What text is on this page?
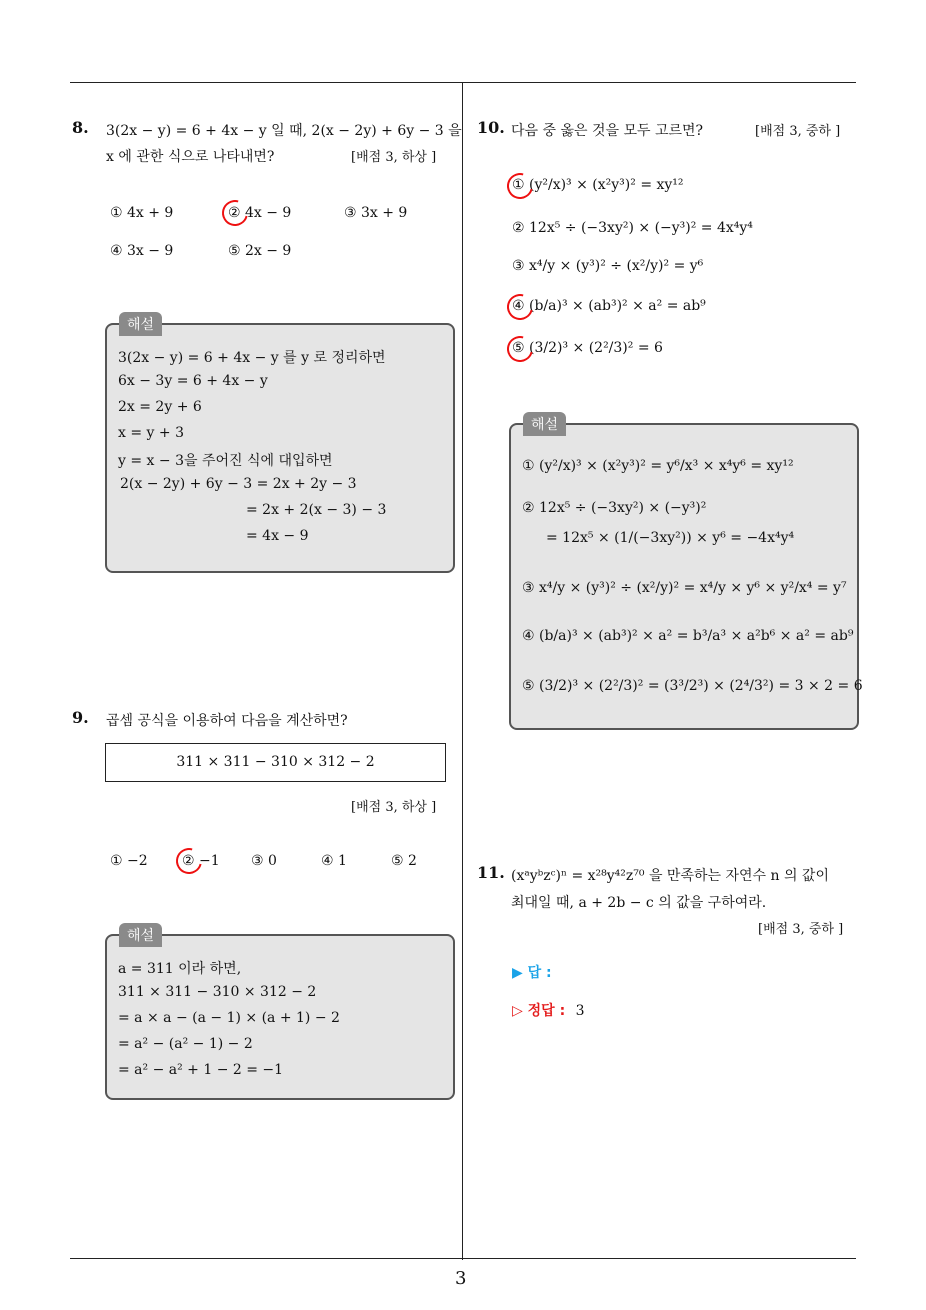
3
8. 3(2x − y) = 6 + 4x − y 일 때, 2(x − 2y) + 6y − 3 을
x 에 관한 식으로 나타내면?	[배점 3, 하상 ]
① 4x + 9	② 4x − 9	③ 3x + 9
④ 3x − 9	⑤ 2x − 9
해설
3(2x − y) = 6 + 4x − y 를 y 로 정리하면
6x − 3y = 6 + 4x − y
2x = 2y + 6
x = y + 3
y = x − 3을 주어진 식에 대입하면
2(x − 2y) + 6y − 3 = 2x + 2y − 3
= 2x + 2(x − 3) − 3
= 4x − 9
9. 곱셈 공식을 이용하여 다음을 계산하면?
311 × 311 − 310 × 312 − 2
[배점 3, 하상 ]
① −2 ② −1 ③ 0	④ 1	⑤ 2
해설
a = 311 이라 하면,
311 × 311 − 310 × 312 − 2
= a × a − (a − 1) × (a + 1) − 2
= a² − (a² − 1) − 2
= a² − a² + 1 − 2 = −1
10. 다음 중 옳은 것을 모두 고르면?	[배점 3, 중하 ]
① (y²/x)³ × (x²y³)² = xy¹²
② 12x⁵ ÷ (−3xy²) × (−y³)² = 4x⁴y⁴
③ x⁴/y × (y³)² ÷ (x²/y)² = y⁶
④ (b/a)³ × (ab³)² × a² = ab⁹
⑤ (3/2)³ × (2²/3)² = 6
해설
① (y²/x)³ × (x²y³)² = y⁶/x³ × x⁴y⁶ = xy¹²
② 12x⁵ ÷ (−3xy²) × (−y³)²
= 12x⁵ × (1/(−3xy²)) × y⁶ = −4x⁴y⁴
③ x⁴/y × (y³)² ÷ (x²/y)² = x⁴/y × y⁶ × y²/x⁴ = y⁷
④ (b/a)³ × (ab³)² × a² = b³/a³ × a²b⁶ × a² = ab⁹
⑤ (3/2)³ × (2²/3)² = (3³/2³) × (2⁴/3²) = 3 × 2 = 6
11. (xᵃyᵇzᶜ)ⁿ = x²⁸y⁴²z⁷⁰ 을 만족하는 자연수 n 의 값이
최대일 때, a + 2b − c 의 값을 구하여라.
[배점 3, 중하 ]
▶ 답 :
▷ 정답 : 3
